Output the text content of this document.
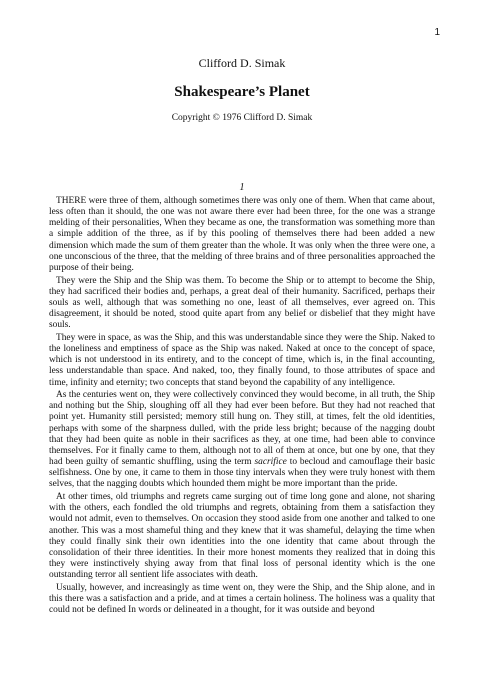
1
Clifford D. Simak
Shakespeare’s Planet
Copyright © 1976 Clifford D. Simak
1

THERE were three of them, although sometimes there was only one of them. When that came about, less often than it should, the one was not aware there ever had been three, for the one was a strange melding of their personalities, When they became as one, the transformation was something more than a simple addition of the three, as if by this pooling of themselves there had been added a new dimension which made the sum of them greater than the whole. It was only when the three were one, a one unconscious of the three, that the melding of three brains and of three personalities approached the purpose of their being.

They were the Ship and the Ship was them. To become the Ship or to attempt to become the Ship, they had sacrificed their bodies and, perhaps, a great deal of their humanity. Sacrificed, perhaps their souls as well, although that was something no one, least of all themselves, ever agreed on. This disagreement, it should be noted, stood quite apart from any belief or disbelief that they might have souls.

They were in space, as was the Ship, and this was understandable since they were the Ship. Naked to the loneliness and emptiness of space as the Ship was naked. Naked at once to the concept of space, which is not understood in its entirety, and to the concept of time, which is, in the final accounting, less understandable than space. And naked, too, they finally found, to those attributes of space and time, infinity and eternity; two concepts that stand beyond the capability of any intelligence.

As the centuries went on, they were collectively convinced they would become, in all truth, the Ship and nothing but the Ship, sloughing off all they had ever been before. But they had not reached that point yet. Humanity still persisted; memory still hung on. They still, at times, felt the old identities, perhaps with some of the sharpness dulled, with the pride less bright; because of the nagging doubt that they had been quite as noble in their sacrifices as they, at one time, had been able to convince themselves. For it finally came to them, although not to all of them at once, but one by one, that they had been guilty of semantic shuffling, using the term sacrifice to becloud and camouflage their basic selfishness. One by one, it came to them in those tiny intervals when they were truly honest with them selves, that the nagging doubts which hounded them might be more important than the pride.

At other times, old triumphs and regrets came surging out of time long gone and alone, not sharing with the others, each fondled the old triumphs and regrets, obtaining from them a satisfaction they would not admit, even to themselves. On occasion they stood aside from one another and talked to one another. This was a most shameful thing and they knew that it was shameful, delaying the time when they could finally sink their own identities into the one identity that came about through the consolidation of their three identities. In their more honest moments they realized that in doing this they were instinctively shying away from that final loss of personal identity which is the one outstanding terror all sentient life associates with death.

Usually, however, and increasingly as time went on, they were the Ship, and the Ship alone, and in this there was a satisfaction and a pride, and at times a certain holiness. The holiness was a quality that could not be defined In words or delineated in a thought, for it was outside and beyond
